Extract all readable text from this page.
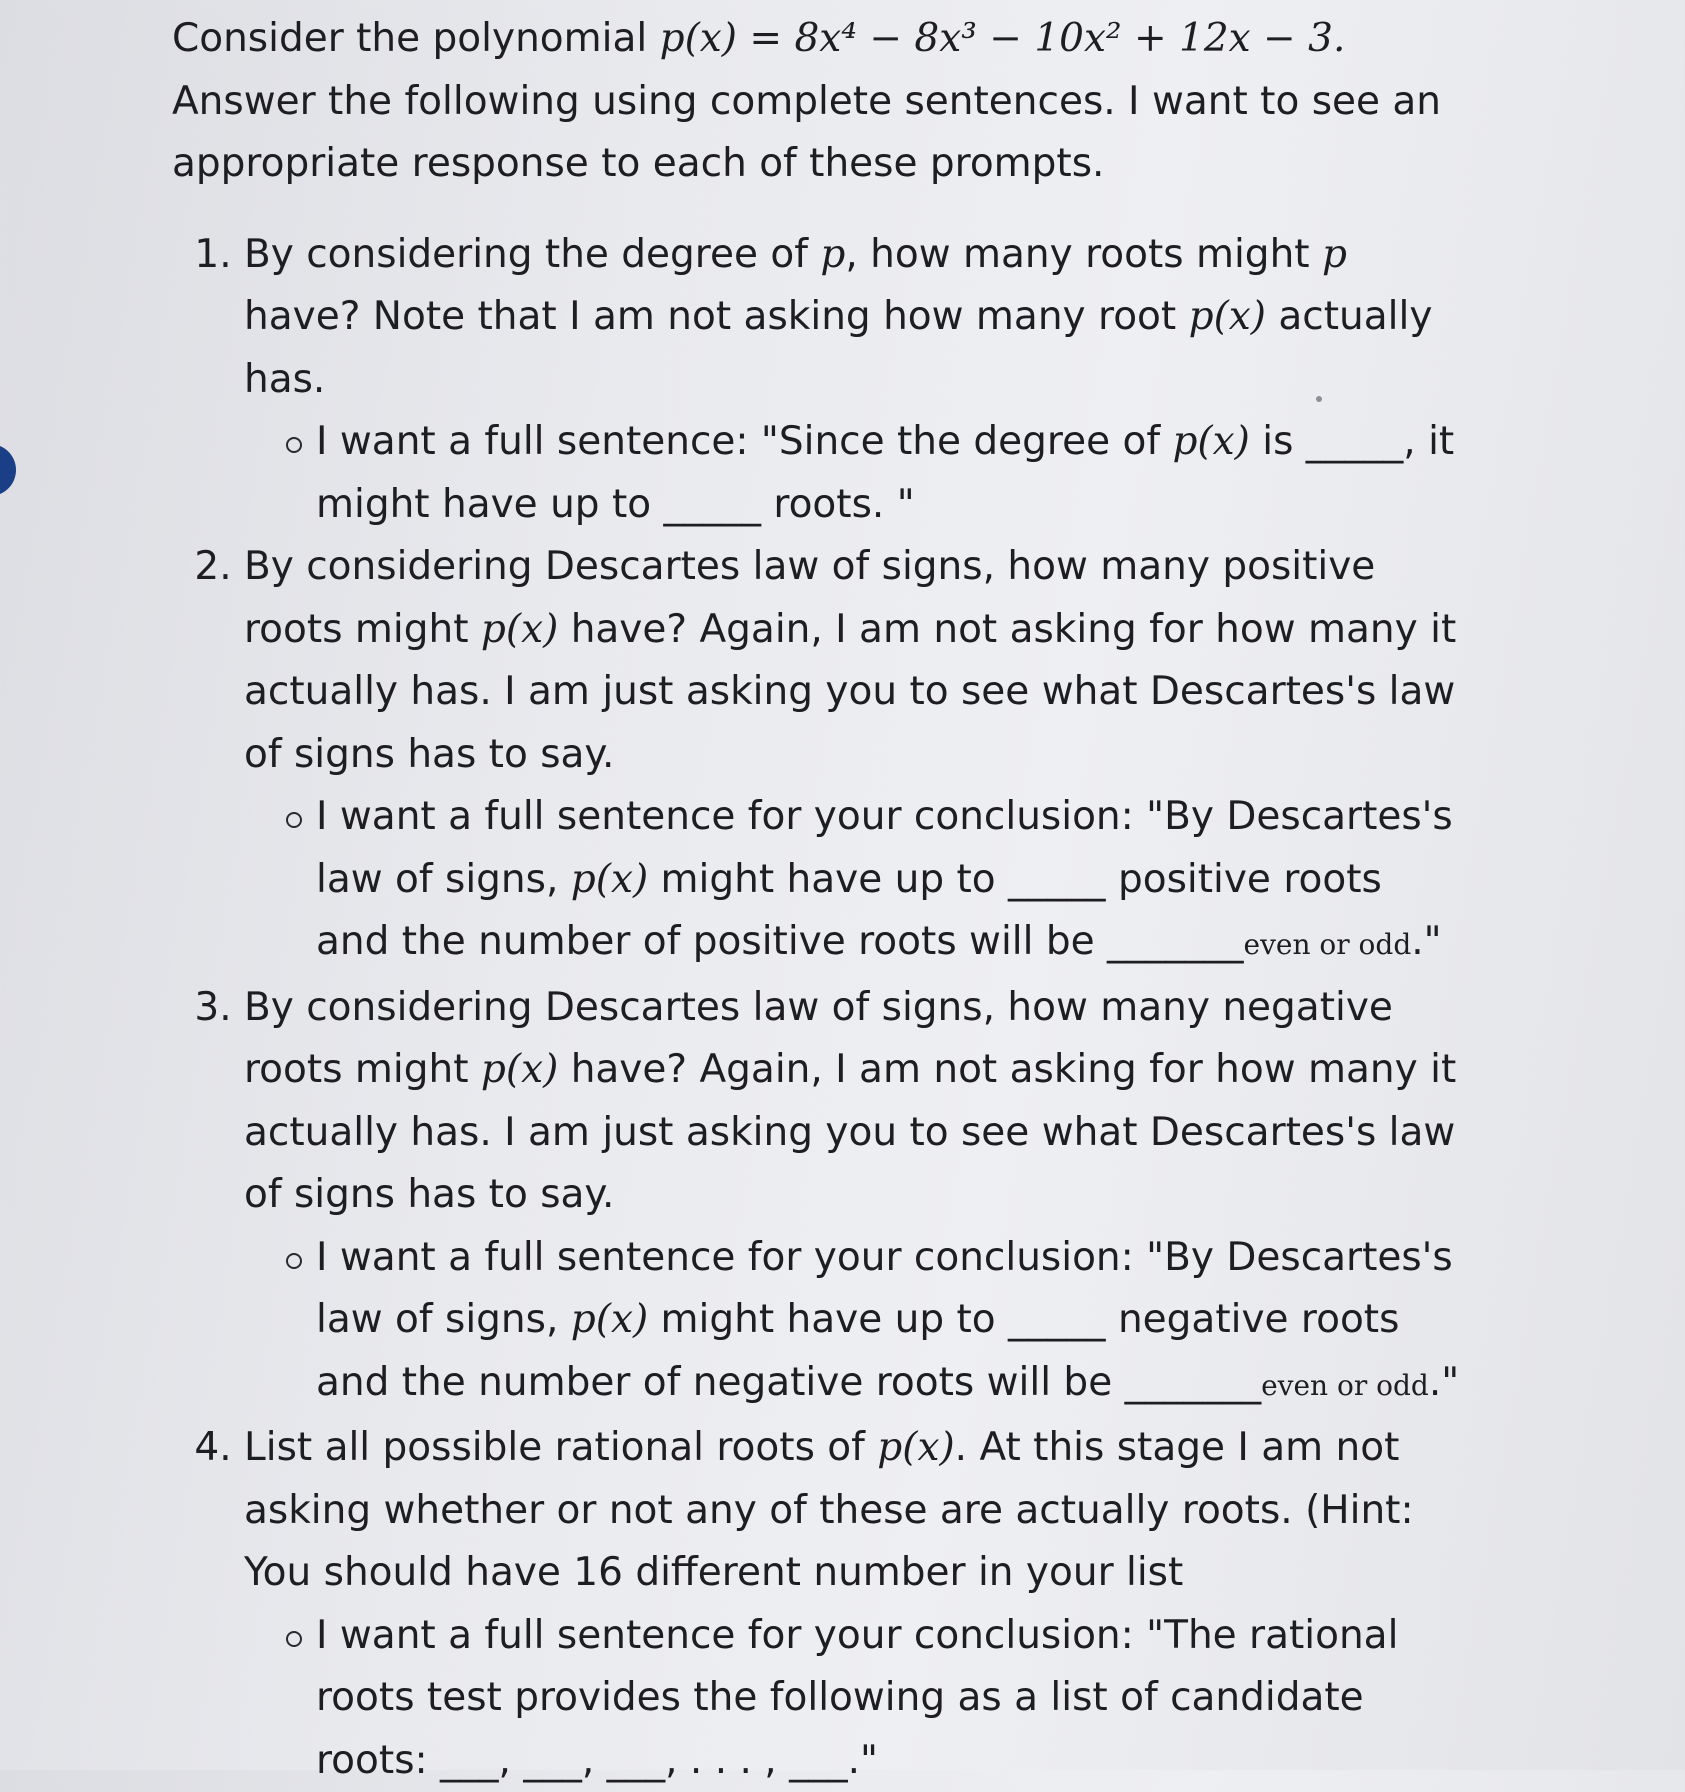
Consider the polynomial p(x) = 8x⁴ − 8x³ − 10x² + 12x − 3. Answer the following using complete sentences. I want to see an appropriate response to each of these prompts.

1. By considering the degree of p, how many roots might p have? Note that I am not asking how many root p(x) actually has.
I want a full sentence: "Since the degree of p(x) is _____, it might have up to _____ roots. "
2. By considering Descartes law of signs, how many positive roots might p(x) have? Again, I am not asking for how many it actually has. I am just asking you to see what Descartes's law of signs has to say.
I want a full sentence for your conclusion: "By Descartes's law of signs, p(x) might have up to _____ positive roots and the number of positive roots will be _______even or odd."
3. By considering Descartes law of signs, how many negative roots might p(x) have? Again, I am not asking for how many it actually has. I am just asking you to see what Descartes's law of signs has to say.
I want a full sentence for your conclusion: "By Descartes's law of signs, p(x) might have up to _____ negative roots and the number of negative roots will be _______even or odd."
4. List all possible rational roots of p(x). At this stage I am not asking whether or not any of these are actually roots. (Hint: You should have 16 different number in your list
I want a full sentence for your conclusion: "The rational roots test provides the following as a list of candidate roots: ___, ___, ___, . . . , ___."
